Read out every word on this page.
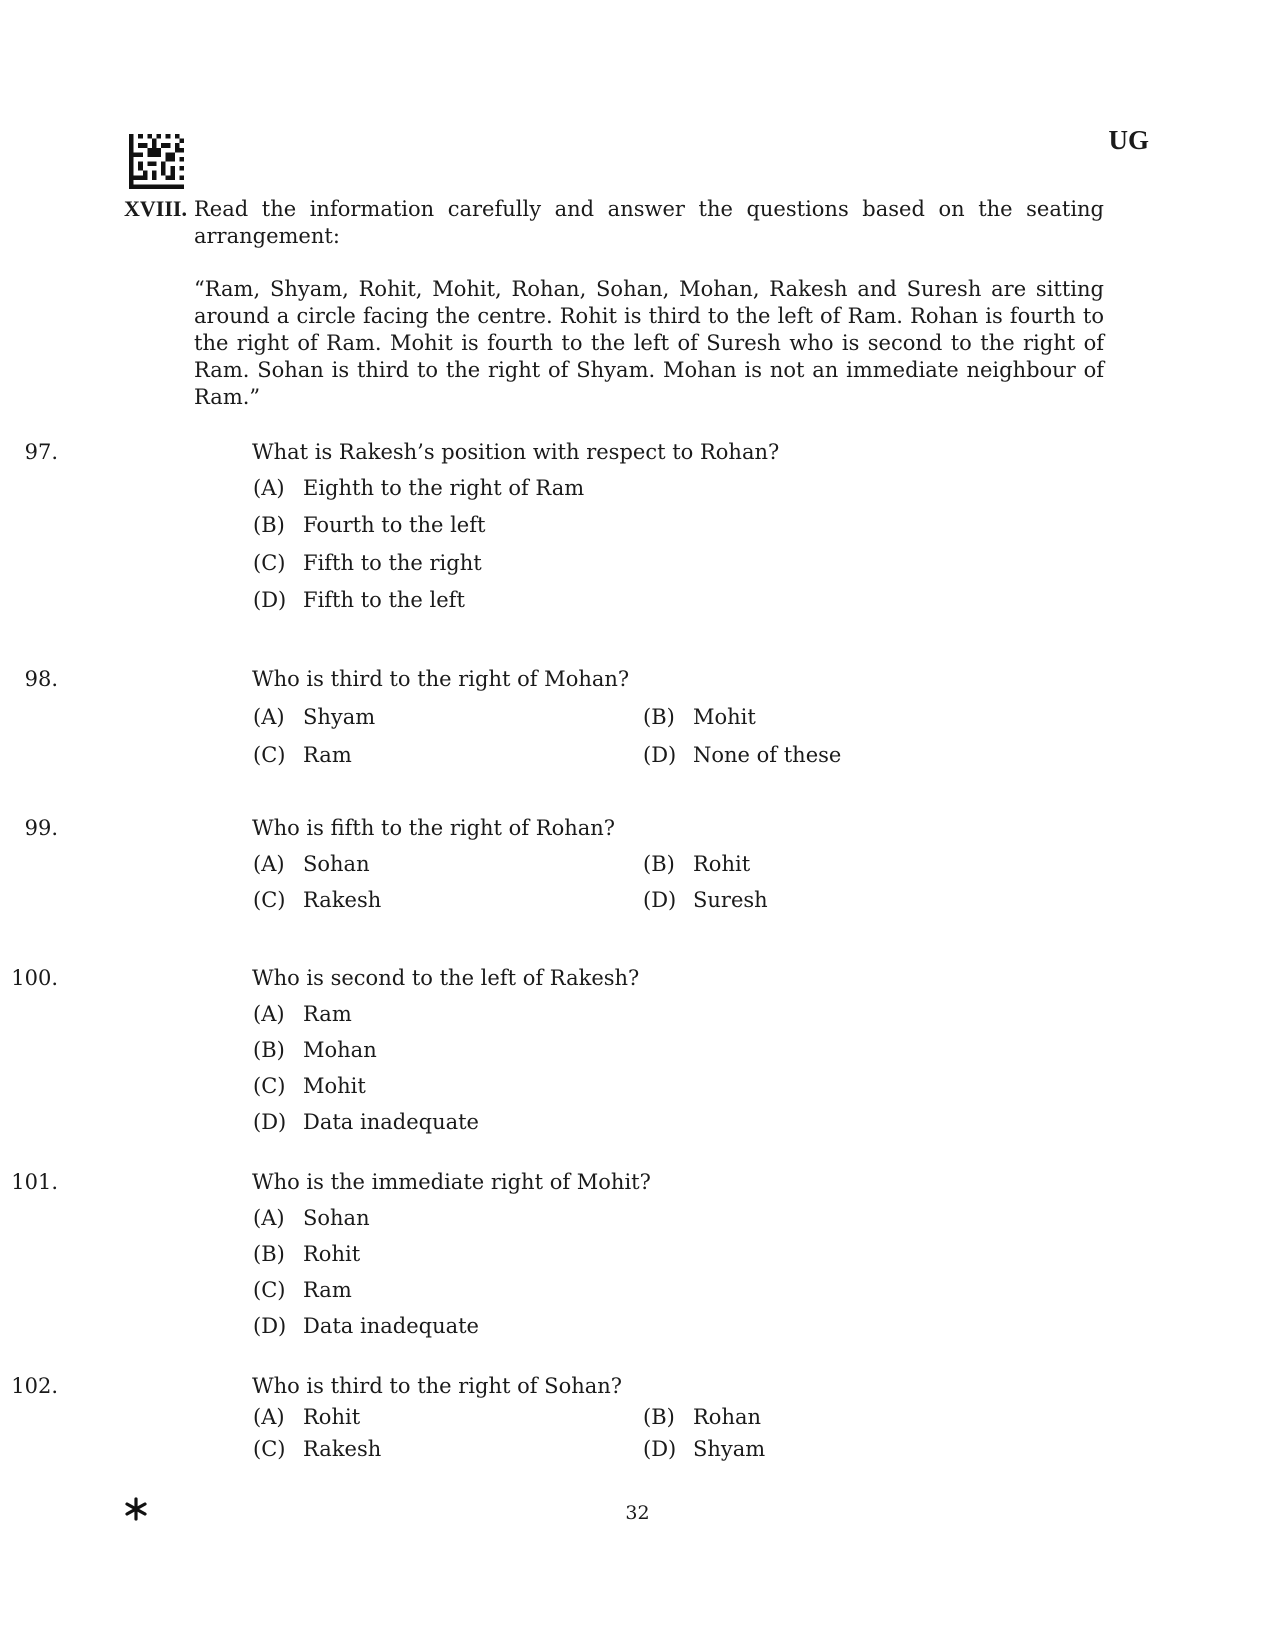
UG
XVIII. Read the information carefully and answer the questions based on the seating arrangement:
“Ram, Shyam, Rohit, Mohit, Rohan, Sohan, Mohan, Rakesh and Suresh are sitting around a circle facing the centre. Rohit is third to the left of Ram. Rohan is fourth to the right of Ram. Mohit is fourth to the left of Suresh who is second to the right of Ram. Sohan is third to the right of Shyam. Mohan is not an immediate neighbour of Ram.”
97.	What is Rakesh’s position with respect to Rohan?
(A) Eighth to the right of Ram
(B) Fourth to the left
(C) Fifth to the right
(D) Fifth to the left
98.	Who is third to the right of Mohan?
(A) Shyam	(B) Mohit
(C) Ram	(D) None of these
99.	Who is fifth to the right of Rohan?
(A) Sohan	(B) Rohit
(C) Rakesh	(D) Suresh
100.	Who is second to the left of Rakesh?
(A) Ram
(B) Mohan
(C) Mohit
(D) Data inadequate
101.	Who is the immediate right of Mohit?
(A) Sohan
(B) Rohit
(C) Ram
(D) Data inadequate
102.	Who is third to the right of Sohan?
(A) Rohit	(B) Rohan
(C) Rakesh	(D) Shyam
32
